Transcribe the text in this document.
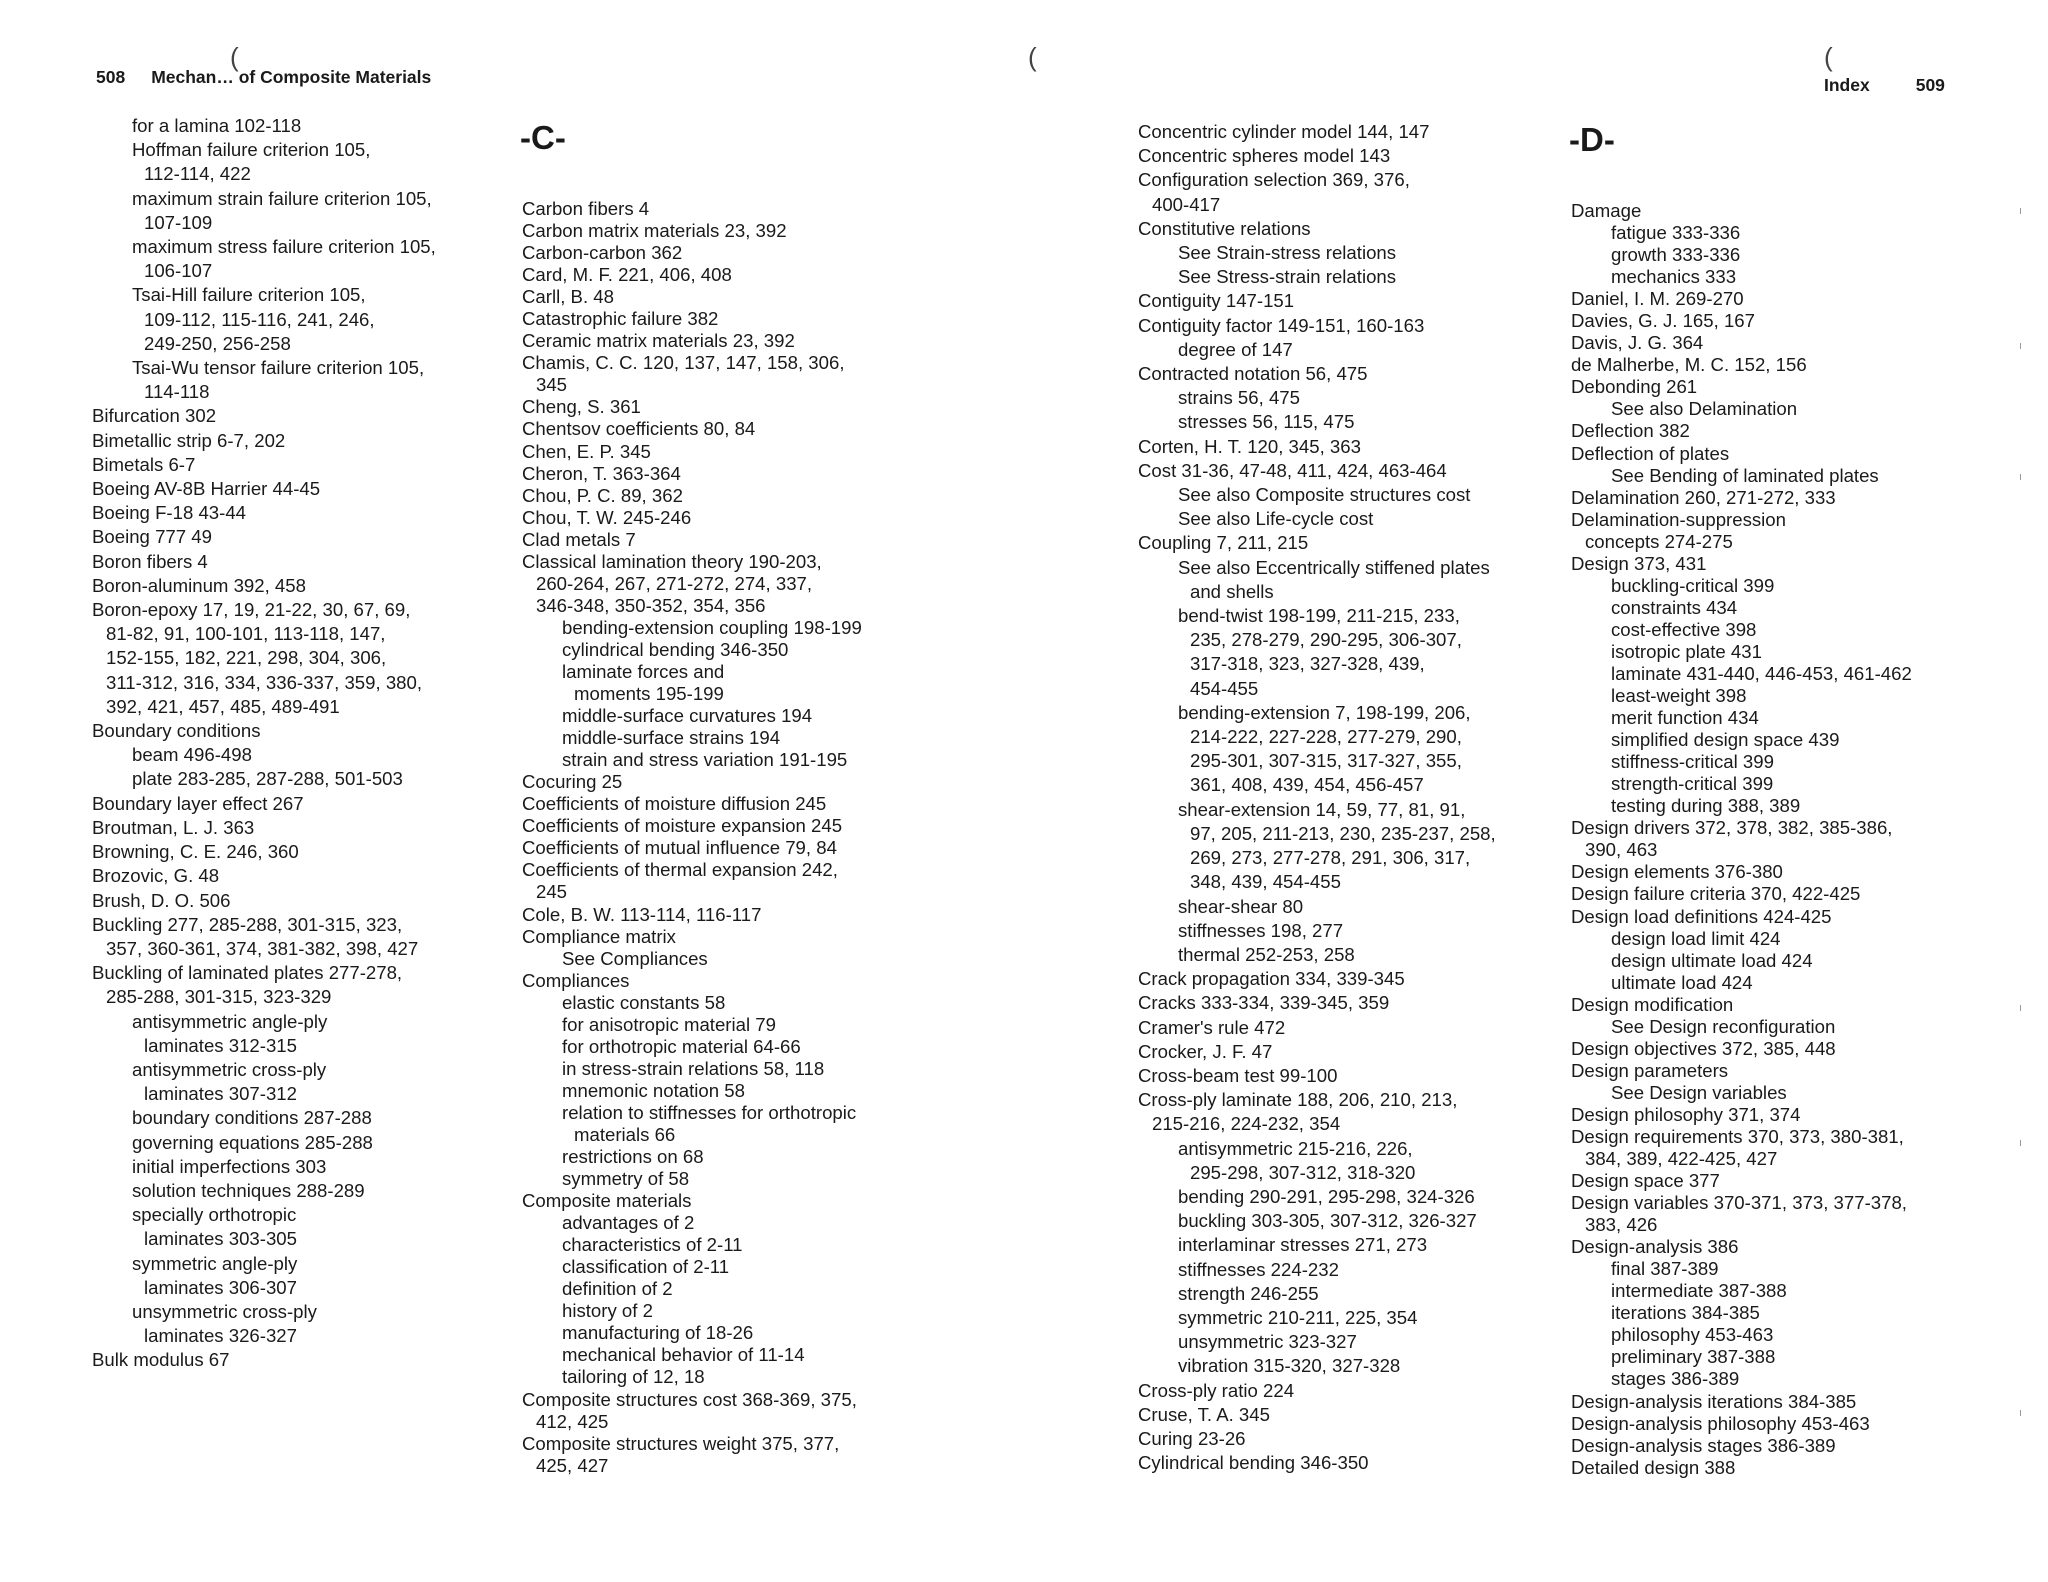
508 Mechan… of Composite Materials
(	(
for a lamina 102-118
Hoffman failure criterion 105,
112-114, 422
maximum strain failure criterion 105,
107-109
maximum stress failure criterion 105,
106-107
Tsai-Hill failure criterion 105,
109-112, 115-116, 241, 246,
249-250, 256-258
Tsai-Wu tensor failure criterion 105,
114-118
Bifurcation 302
Bimetallic strip 6-7, 202
Bimetals 6-7
Boeing AV-8B Harrier 44-45
Boeing F-18 43-44
Boeing 777 49
Boron fibers 4
Boron-aluminum 392, 458
Boron-epoxy 17, 19, 21-22, 30, 67, 69,
81-82, 91, 100-101, 113-118, 147,
152-155, 182, 221, 298, 304, 306,
311-312, 316, 334, 336-337, 359, 380,
392, 421, 457, 485, 489-491
Boundary conditions
beam 496-498
plate 283-285, 287-288, 501-503
Boundary layer effect 267
Broutman, L. J. 363
Browning, C. E. 246, 360
Brozovic, G. 48
Brush, D. O. 506
Buckling 277, 285-288, 301-315, 323,
357, 360-361, 374, 381-382, 398, 427
Buckling of laminated plates 277-278,
285-288, 301-315, 323-329
antisymmetric angle-ply
laminates 312-315
antisymmetric cross-ply
laminates 307-312
boundary conditions 287-288
governing equations 285-288
initial imperfections 303
solution techniques 288-289
specially orthotropic
laminates 303-305
symmetric angle-ply
laminates 306-307
unsymmetric cross-ply
laminates 326-327
Bulk modulus 67
-C-
Carbon fibers 4
Carbon matrix materials 23, 392
Carbon-carbon 362
Card, M. F. 221, 406, 408
Carll, B. 48
Catastrophic failure 382
Ceramic matrix materials 23, 392
Chamis, C. C. 120, 137, 147, 158, 306,
345
Cheng, S. 361
Chentsov coefficients 80, 84
Chen, E. P. 345
Cheron, T. 363-364
Chou, P. C. 89, 362
Chou, T. W. 245-246
Clad metals 7
Classical lamination theory 190-203,
260-264, 267, 271-272, 274, 337,
346-348, 350-352, 354, 356
bending-extension coupling 198-199
cylindrical bending 346-350
laminate forces and
moments 195-199
middle-surface curvatures 194
middle-surface strains 194
strain and stress variation 191-195
Cocuring 25
Coefficients of moisture diffusion 245
Coefficients of moisture expansion 245
Coefficients of mutual influence 79, 84
Coefficients of thermal expansion 242,
245
Cole, B. W. 113-114, 116-117
Compliance matrix
See Compliances
Compliances
elastic constants 58
for anisotropic material 79
for orthotropic material 64-66
in stress-strain relations 58, 118
mnemonic notation 58
relation to stiffnesses for orthotropic
materials 66
restrictions on 68
symmetry of 58
Composite materials
advantages of 2
characteristics of 2-11
classification of 2-11
definition of 2
history of 2
manufacturing of 18-26
mechanical behavior of 11-14
tailoring of 12, 18
Composite structures cost 368-369, 375,
412, 425
Composite structures weight 375, 377,
425, 427
Index	509
(
Concentric cylinder model 144, 147
Concentric spheres model 143
Configuration selection 369, 376,
400-417
Constitutive relations
See Strain-stress relations
See Stress-strain relations
Contiguity 147-151
Contiguity factor 149-151, 160-163
degree of 147
Contracted notation 56, 475
strains 56, 475
stresses 56, 115, 475
Corten, H. T. 120, 345, 363
Cost 31-36, 47-48, 411, 424, 463-464
See also Composite structures cost
See also Life-cycle cost
Coupling 7, 211, 215
See also Eccentrically stiffened plates
and shells
bend-twist 198-199, 211-215, 233,
235, 278-279, 290-295, 306-307,
317-318, 323, 327-328, 439,
454-455
bending-extension 7, 198-199, 206,
214-222, 227-228, 277-279, 290,
295-301, 307-315, 317-327, 355,
361, 408, 439, 454, 456-457
shear-extension 14, 59, 77, 81, 91,
97, 205, 211-213, 230, 235-237, 258,
269, 273, 277-278, 291, 306, 317,
348, 439, 454-455
shear-shear 80
stiffnesses 198, 277
thermal 252-253, 258
Crack propagation 334, 339-345
Cracks 333-334, 339-345, 359
Cramer's rule 472
Crocker, J. F. 47
Cross-beam test 99-100
Cross-ply laminate 188, 206, 210, 213,
215-216, 224-232, 354
antisymmetric 215-216, 226,
295-298, 307-312, 318-320
bending 290-291, 295-298, 324-326
buckling 303-305, 307-312, 326-327
interlaminar stresses 271, 273
stiffnesses 224-232
strength 246-255
symmetric 210-211, 225, 354
unsymmetric 323-327
vibration 315-320, 327-328
Cross-ply ratio 224
Cruse, T. A. 345
Curing 23-26
Cylindrical bending 346-350
-D-
Damage
fatigue 333-336
growth 333-336
mechanics 333
Daniel, I. M. 269-270
Davies, G. J. 165, 167
Davis, J. G. 364
de Malherbe, M. C. 152, 156
Debonding 261
See also Delamination
Deflection 382
Deflection of plates
See Bending of laminated plates
Delamination 260, 271-272, 333
Delamination-suppression
concepts 274-275
Design 373, 431
buckling-critical 399
constraints 434
cost-effective 398
isotropic plate 431
laminate 431-440, 446-453, 461-462
least-weight 398
merit function 434
simplified design space 439
stiffness-critical 399
strength-critical 399
testing during 388, 389
Design drivers 372, 378, 382, 385-386,
390, 463
Design elements 376-380
Design failure criteria 370, 422-425
Design load definitions 424-425
design load limit 424
design ultimate load 424
ultimate load 424
Design modification
See Design reconfiguration
Design objectives 372, 385, 448
Design parameters
See Design variables
Design philosophy 371, 374
Design requirements 370, 373, 380-381,
384, 389, 422-425, 427
Design space 377
Design variables 370-371, 373, 377-378,
383, 426
Design-analysis 386
final 387-389
intermediate 387-388
iterations 384-385
philosophy 453-463
preliminary 387-388
stages 386-389
Design-analysis iterations 384-385
Design-analysis philosophy 453-463
Design-analysis stages 386-389
Detailed design 388
